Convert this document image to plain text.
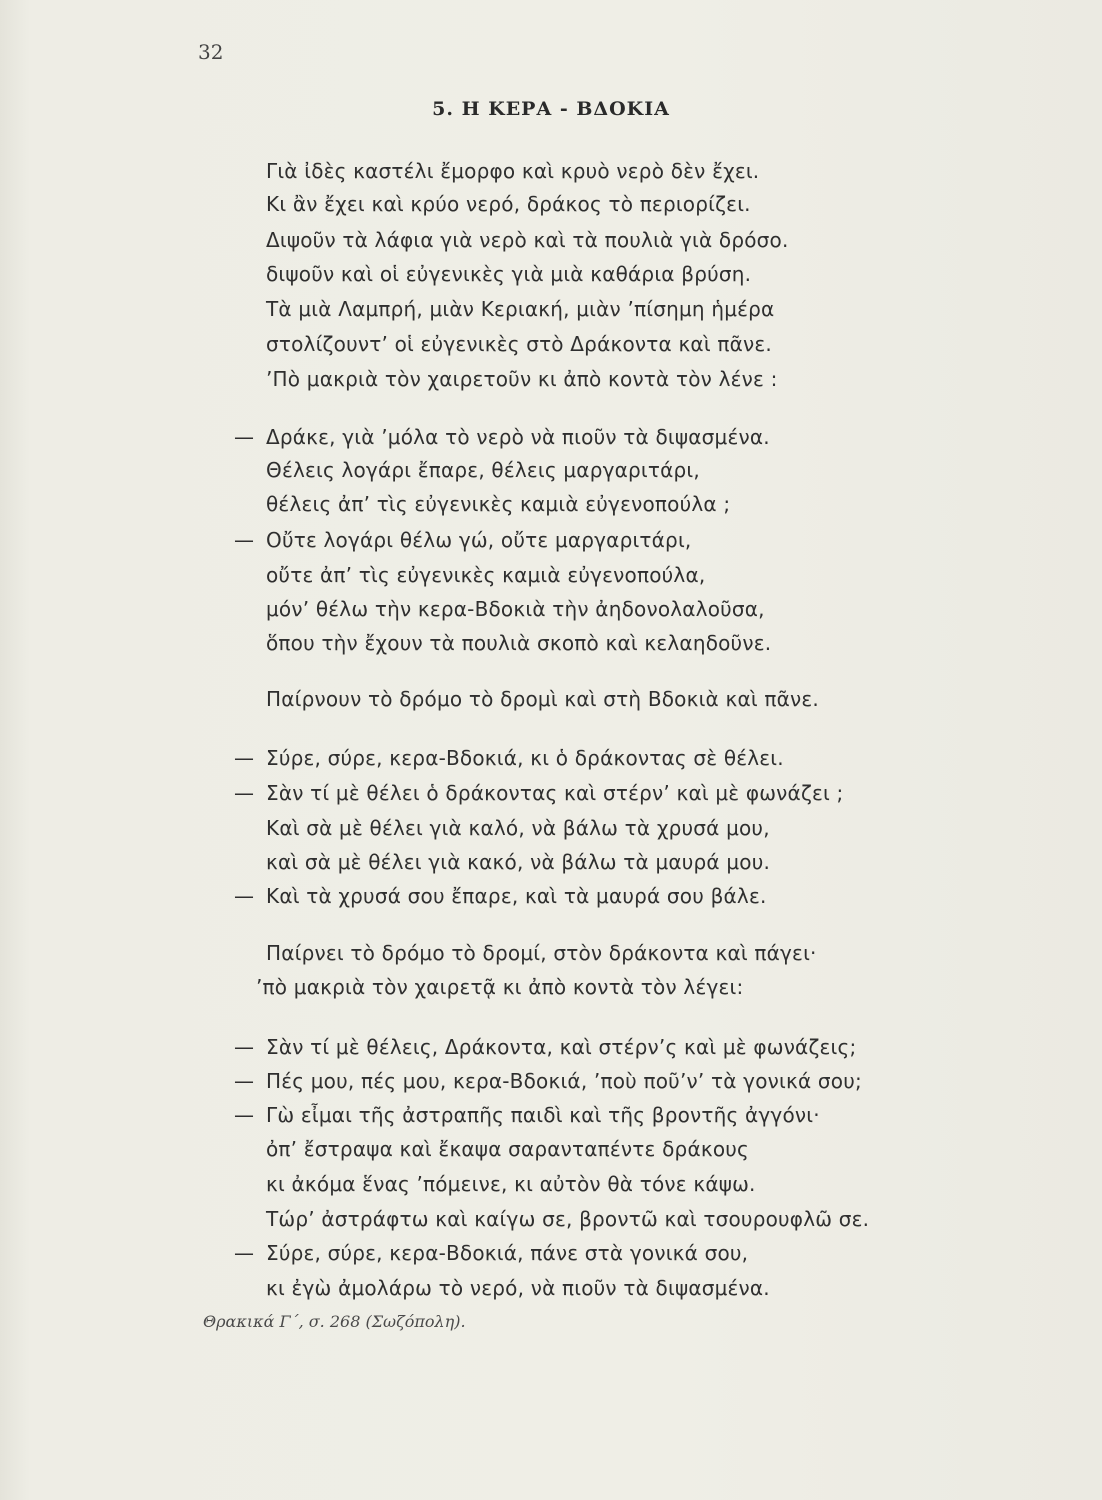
32
5. Η ΚΕΡΑ - ΒΔΟΚΙΑ
Γιὰ ἰδὲς καστέλι ἔμορφο καὶ κρυὸ νερὸ δὲν ἔχει.
Κι ἂν ἔχει καὶ κρύο νερό, δράκος τὸ περιορίζει.
Διψοῦν τὰ λάφια γιὰ νερὸ καὶ τὰ πουλιὰ γιὰ δρόσο.
διψοῦν καὶ οἱ εὐγενικὲς γιὰ μιὰ καθάρια βρύση.
Τὰ μιὰ Λαμπρή, μιὰν Κεριακή, μιὰν ’πίσημη ἡμέρα
στολίζουντ’ οἱ εὐγενικὲς στὸ Δράκοντα καὶ πᾶνε.
’Πὸ μακριὰ τὸν χαιρετοῦν κι ἀπὸ κοντὰ τὸν λένε :
— Δράκε, γιὰ ’μόλα τὸ νερὸ νὰ πιοῦν τὰ διψασμένα.
Θέλεις λογάρι ἔπαρε, θέλεις μαργαριτάρι,
θέλεις ἀπ’ τὶς εὐγενικὲς καμιὰ εὐγενοπούλα ;
— Οὔτε λογάρι θέλω γώ, οὔτε μαργαριτάρι,
οὔτε ἀπ’ τὶς εὐγενικὲς καμιὰ εὐγενοπούλα,
μόν’ θέλω τὴν κερα-Βδοκιὰ τὴν ἀηδονολαλοῦσα,
ὅπου τὴν ἔχουν τὰ πουλιὰ σκοπὸ καὶ κελαηδοῦνε.
Παίρνουν τὸ δρόμο τὸ δρομὶ καὶ στὴ Βδοκιὰ καὶ πᾶνε.
— Σύρε, σύρε, κερα-Βδοκιά, κι ὁ δράκοντας σὲ θέλει.
— Σὰν τί μὲ θέλει ὁ δράκοντας καὶ στέρν’ καὶ μὲ φωνάζει ;
Καὶ σὰ μὲ θέλει γιὰ καλό, νὰ βάλω τὰ χρυσά μου,
καὶ σὰ μὲ θέλει γιὰ κακό, νὰ βάλω τὰ μαυρά μου.
— Καὶ τὰ χρυσά σου ἔπαρε, καὶ τὰ μαυρά σου βάλε.
Παίρνει τὸ δρόμο τὸ δρομί, στὸν δράκοντα καὶ πάγει·
’πὸ μακριὰ τὸν χαιρετᾷ κι ἀπὸ κοντὰ τὸν λέγει:
— Σὰν τί μὲ θέλεις, Δράκοντα, καὶ στέρν’ς καὶ μὲ φωνάζεις;
— Πές μου, πές μου, κερα-Βδοκιά, ’ποὺ ποῦ’ν’ τὰ γονικά σου;
— Γὼ εἶμαι τῆς ἀστραπῆς παιδὶ καὶ τῆς βροντῆς ἀγγόνι·
ὀπ’ ἔστραψα καὶ ἔκαψα σαρανταπέντε δράκους
κι ἀκόμα ἕνας ’πόμεινε, κι αὐτὸν θὰ τόνε κάψω.
Τώρ’ ἀστράφτω καὶ καίγω σε, βροντῶ καὶ τσουρουφλῶ σε.
— Σύρε, σύρε, κερα-Βδοκιά, πάνε στὰ γονικά σου,
κι ἐγὼ ἀμολάρω τὸ νερό, νὰ πιοῦν τὰ διψασμένα.
Θρακικά Γ΄, σ. 268 (Σωζόπολη).
